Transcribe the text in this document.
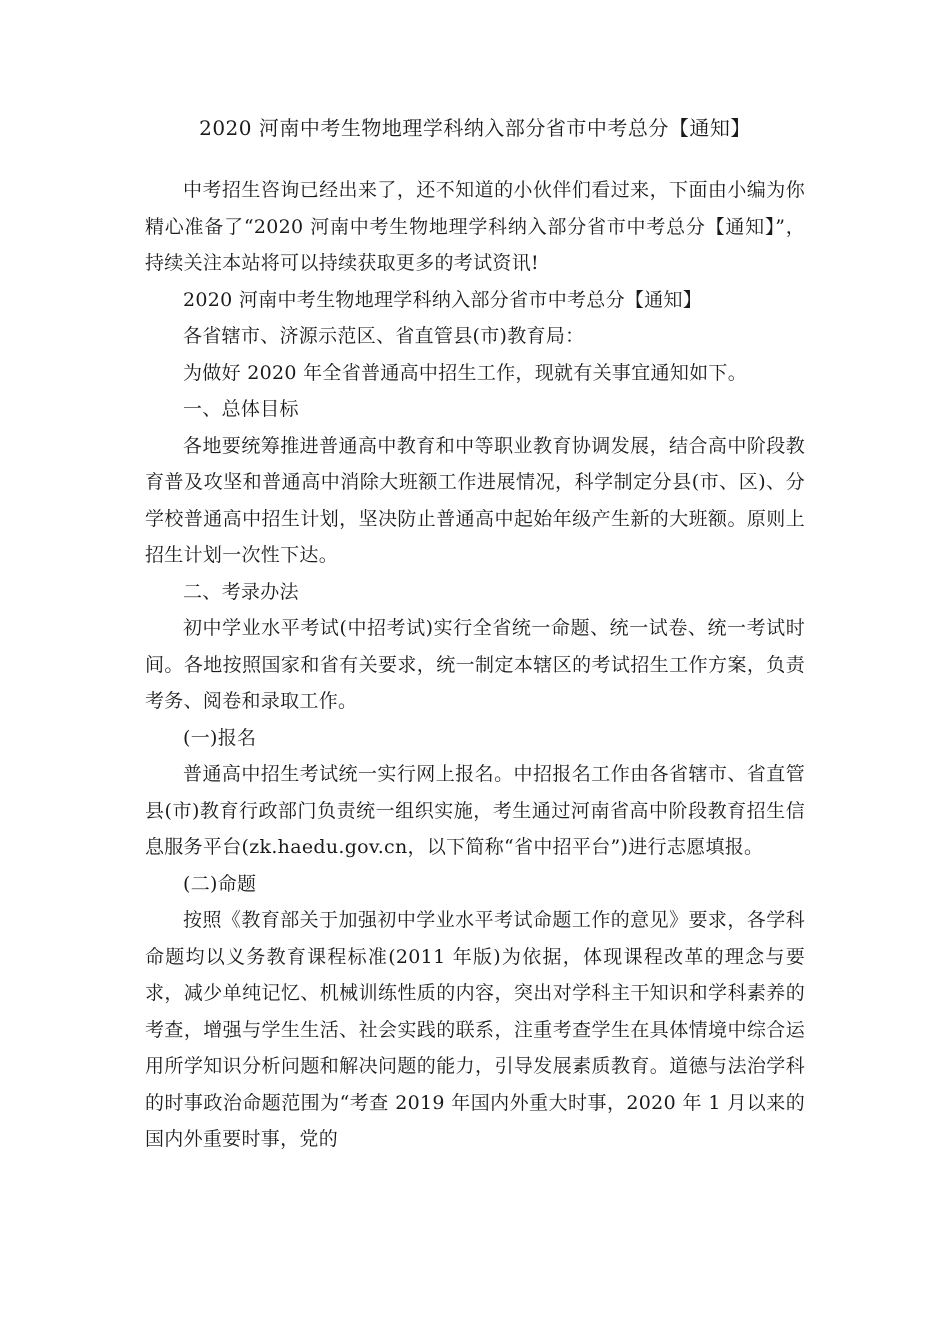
2020 河南中考生物地理学科纳入部分省市中考总分【通知】

中考招生咨询已经出来了，还不知道的小伙伴们看过来，下面由小编为你精心准备了“2020 河南中考生物地理学科纳入部分省市中考总分【通知】”，持续关注本站将可以持续获取更多的考试资讯!

2020 河南中考生物地理学科纳入部分省市中考总分【通知】

各省辖市、济源示范区、省直管县(市)教育局：

为做好 2020 年全省普通高中招生工作，现就有关事宜通知如下。

一、总体目标

各地要统筹推进普通高中教育和中等职业教育协调发展，结合高中阶段教育普及攻坚和普通高中消除大班额工作进展情况，科学制定分县(市、区)、分学校普通高中招生计划，坚决防止普通高中起始年级产生新的大班额。原则上招生计划一次性下达。

二、考录办法

初中学业水平考试(中招考试)实行全省统一命题、统一试卷、统一考试时间。各地按照国家和省有关要求，统一制定本辖区的考试招生工作方案，负责考务、阅卷和录取工作。

(一)报名

普通高中招生考试统一实行网上报名。中招报名工作由各省辖市、省直管县(市)教育行政部门负责统一组织实施，考生通过河南省高中阶段教育招生信息服务平台(zk.haedu.gov.cn，以下简称“省中招平台”)进行志愿填报。

(二)命题

按照《教育部关于加强初中学业水平考试命题工作的意见》要求，各学科命题均以义务教育课程标准(2011 年版)为依据，体现课程改革的理念与要求，减少单纯记忆、机械训练性质的内容，突出对学科主干知识和学科素养的考查，增强与学生生活、社会实践的联系，注重考查学生在具体情境中综合运用所学知识分析问题和解决问题的能力，引导发展素质教育。道德与法治学科的时事政治命题范围为“考查 2019 年国内外重大时事，2020 年 1 月以来的国内外重要时事，党的
